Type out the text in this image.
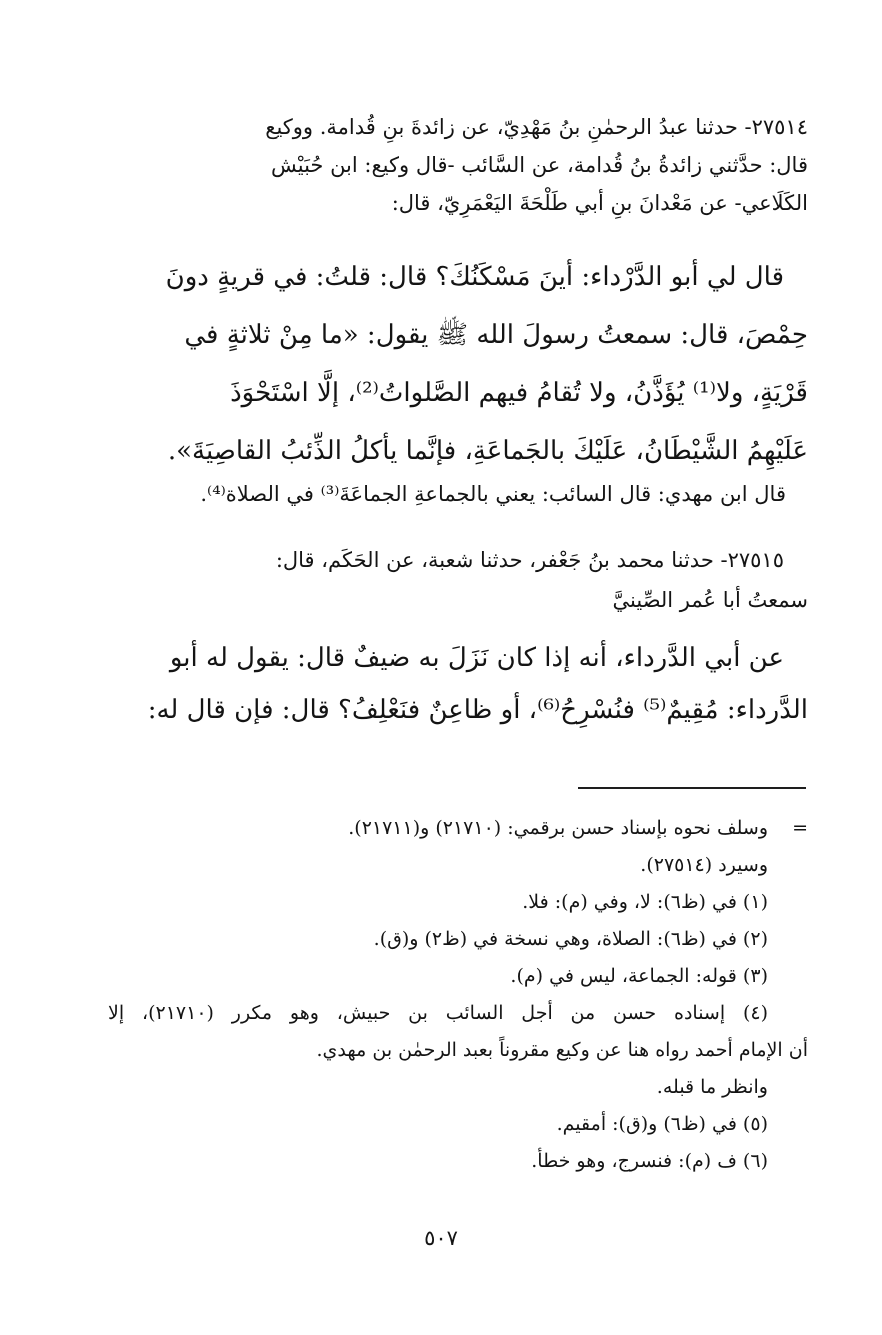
٢٧٥١٤- حدثنا عبدُ الرحمٰنِ بنُ مَهْدِيّ، عن زائدةَ بنِ قُدامة. ووكيع
قال: حدَّثني زائدةُ بنُ قُدامة، عن السَّائب -قال وكيع: ابن حُبَيْش
الكَلَاعي- عن مَعْدانَ بنِ أبي طَلْحَةَ اليَعْمَرِيّ، قال:
قال لي أبو الدَّرْداء: أينَ مَسْكَنُكَ؟ قال: قلتُ: في قريةٍ دونَ
حِمْصَ، قال: سمعتُ رسولَ الله ﷺ يقول: «ما مِنْ ثلاثةٍ في
قَرْيَةٍ، ولا⁽¹⁾ يُؤَذَّنُ، ولا تُقامُ فيهم الصَّلواتُ⁽²⁾، إلَّا اسْتَحْوَذَ
عَلَيْهِمُ الشَّيْطَانُ، عَلَيْكَ بالجَماعَةِ، فإنَّما يأكلُ الذِّئبُ القاصِيَةَ».
قال ابن مهدي: قال السائب: يعني بالجماعةِ الجماعَةَ⁽³⁾ في الصلاة⁽⁴⁾.
٢٧٥١٥- حدثنا محمد بنُ جَعْفر، حدثنا شعبة، عن الحَكَم، قال:
سمعتُ أبا عُمر الصِّينيَّ
عن أبي الدَّرداء، أنه إذا كان نَزَلَ به ضيفٌ قال: يقول له أبو
الدَّرداء: مُقِيمٌ⁽⁵⁾ فنُسْرِحُ⁽⁶⁾، أو ظاعِنٌ فنَعْلِفُ؟ قال: فإن قال له:
=وسلف نحوه بإسناد حسن برقمي: (٢١٧١٠) و(٢١٧١١).
وسيرد (٢٧٥١٤).
(١) في (ظ٦): لا، وفي (م): فلا.
(٢) في (ظ٦): الصلاة، وهي نسخة في (ظ٢) و(ق).
(٣) قوله: الجماعة، ليس في (م).
(٤) إسناده حسن من أجل السائب بن حبيش، وهو مكرر (٢١٧١٠)، إلا
أن الإمام أحمد رواه هنا عن وكيع مقروناً بعبد الرحمٰن بن مهدي.
وانظر ما قبله.
(٥) في (ظ٦) و(ق): أمقيم.
(٦) ف (م): فنسرج، وهو خطأ.
٥٠٧
